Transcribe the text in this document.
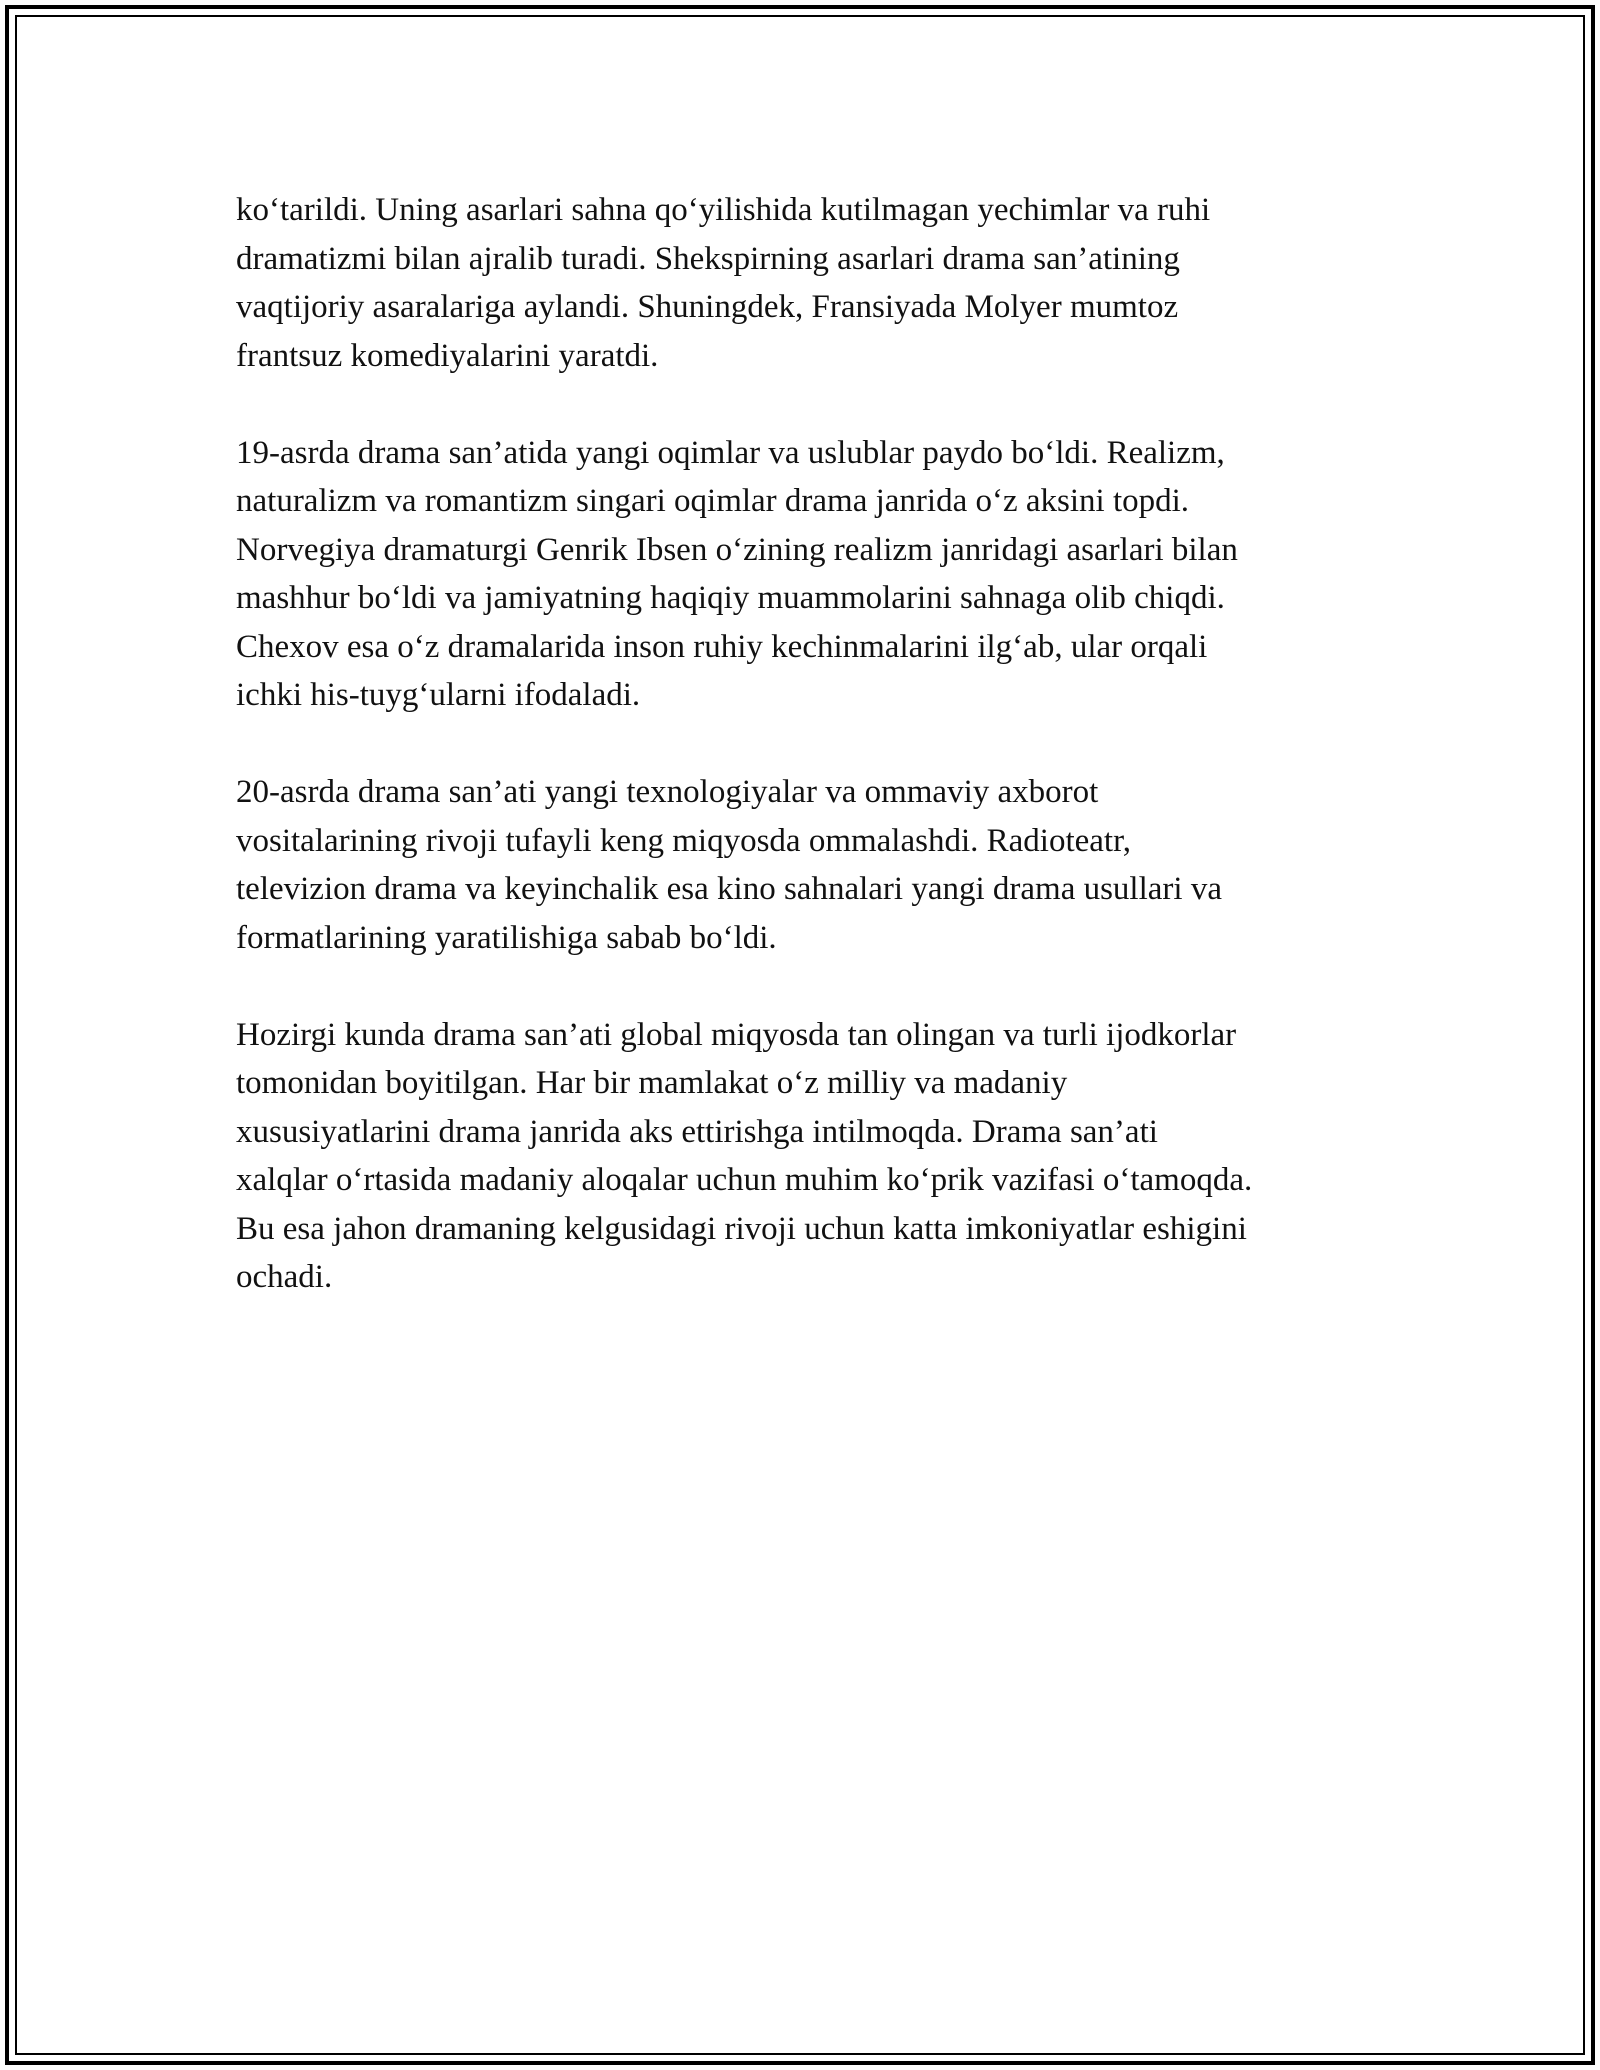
ko‘tarildi. Uning asarlari sahna qo‘yilishida kutilmagan yechimlar va ruhi
dramatizmi bilan ajralib turadi. Shekspirning asarlari drama san’atining
vaqtijoriy asaralariga aylandi. Shuningdek, Fransiyada Molyer mumtoz
frantsuz komediyalarini yaratdi.

19-asrda drama san’atida yangi oqimlar va uslublar paydo bo‘ldi. Realizm,
naturalizm va romantizm singari oqimlar drama janrida o‘z aksini topdi.
Norvegiya dramaturgi Genrik Ibsen o‘zining realizm janridagi asarlari bilan
mashhur bo‘ldi va jamiyatning haqiqiy muammolarini sahnaga olib chiqdi.
Chexov esa o‘z dramalarida inson ruhiy kechinmalarini ilg‘ab, ular orqali
ichki his-tuyg‘ularni ifodaladi.

20-asrda drama san’ati yangi texnologiyalar va ommaviy axborot
vositalarining rivoji tufayli keng miqyosda ommalashdi. Radioteatr,
televizion drama va keyinchalik esa kino sahnalari yangi drama usullari va
formatlarining yaratilishiga sabab bo‘ldi.

Hozirgi kunda drama san’ati global miqyosda tan olingan va turli ijodkorlar
tomonidan boyitilgan. Har bir mamlakat o‘z milliy va madaniy
xususiyatlarini drama janrida aks ettirishga intilmoqda. Drama san’ati
xalqlar o‘rtasida madaniy aloqalar uchun muhim ko‘prik vazifasi o‘tamoqda.
Bu esa jahon dramaning kelgusidagi rivoji uchun katta imkoniyatlar eshigini
ochadi.
